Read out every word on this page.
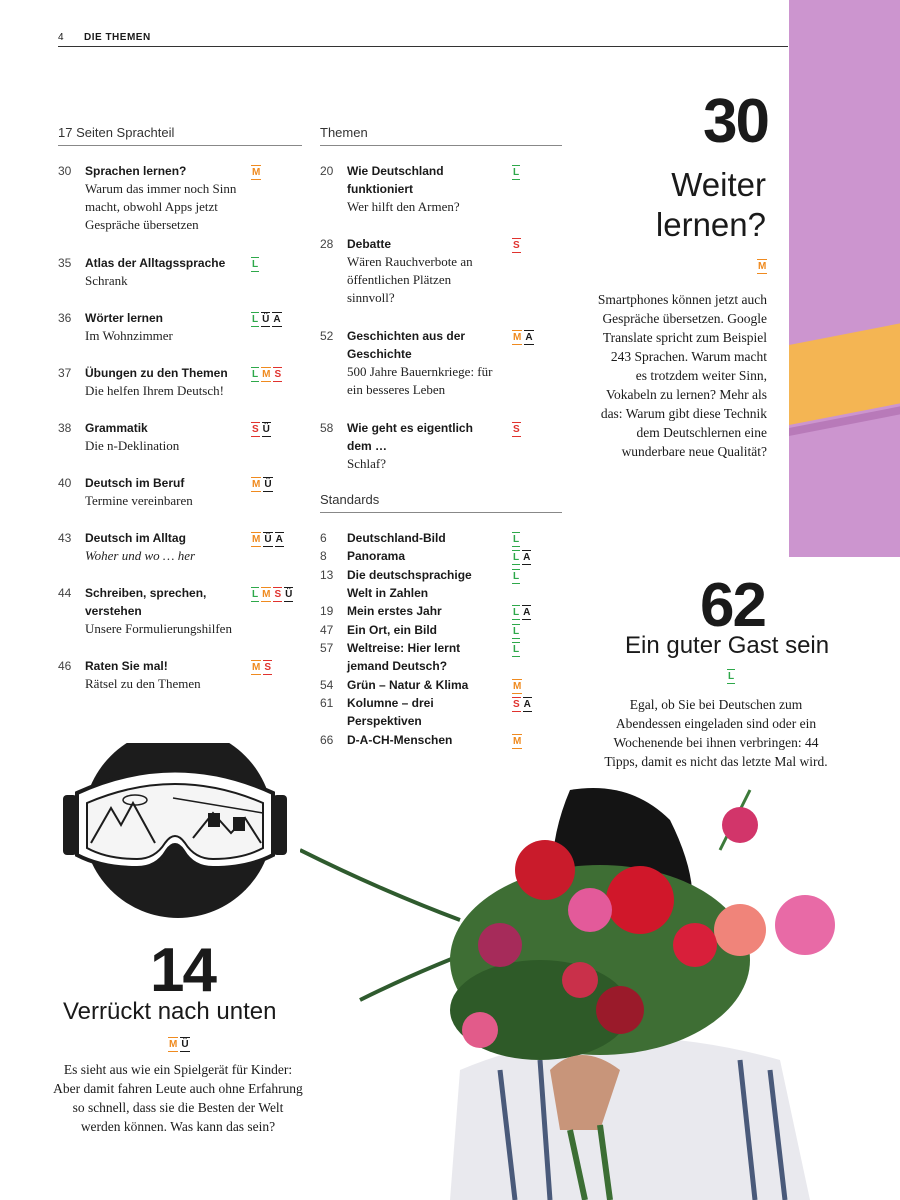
4 DIE THEMEN
17 Seiten Sprachteil
30	Sprachen lernen?
Warum das immer noch Sinn macht, obwohl Apps jetzt Gespräche übersetzen
M
35	Atlas der Alltagssprache
Schrank
L
36	Wörter lernen
Im Wohnzimmer
L Ü A
37	Übungen zu den Themen
Die helfen Ihrem Deutsch!
L M S
38	Grammatik
Die n-Deklination
S Ü
40	Deutsch im Beruf
Termine vereinbaren
M Ü
43	Deutsch im Alltag
Woher und wo … her
M Ü A
44	Schreiben, sprechen, verstehen
Unsere Formulierungshilfen
L M S Ü
46	Raten Sie mal!
Rätsel zu den Themen
M S
Themen
20	Wie Deutschland funktioniert
Wer hilft den Armen?
L
28	Debatte
Wären Rauchverbote an öffentlichen Plätzen sinnvoll?
S
52	Geschichten aus der Geschichte
500 Jahre Bauernkriege: für ein besseres Leben
M A
58	Wie geht es eigentlich dem …
Schlaf?
S
Standards
6	Deutschland-Bild	L
8	Panorama	L A
13	Die deutschsprachige Welt in Zahlen
L
19	Mein erstes Jahr	L A
47	Ein Ort, ein Bild	L
57	Weltreise: Hier lernt jemand Deutsch?
L
54	Grün – Natur & Klima	M
61	Kolumne – drei Perspektiven
S A
66	D-A-CH-Menschen	M
30
Weiter lernen?
M
Smartphones können jetzt auch Gespräche übersetzen. Google Translate spricht zum Beispiel 243 Sprachen. Warum macht es trotzdem weiter Sinn, Vokabeln zu lernen? Mehr als das: Warum gibt diese Technik dem Deutschlernen eine wunderbare neue Qualität?
62
Ein guter Gast sein
L
Egal, ob Sie bei Deutschen zum Abendessen eingeladen sind oder ein Wochenende bei ihnen verbringen: 44 Tipps, damit es nicht das letzte Mal wird.
14
Verrückt nach unten
M Ü
Es sieht aus wie ein Spielgerät für Kinder: Aber damit fahren Leute auch ohne Erfahrung so schnell, dass sie die Besten der Welt werden können. Was kann das sein?
